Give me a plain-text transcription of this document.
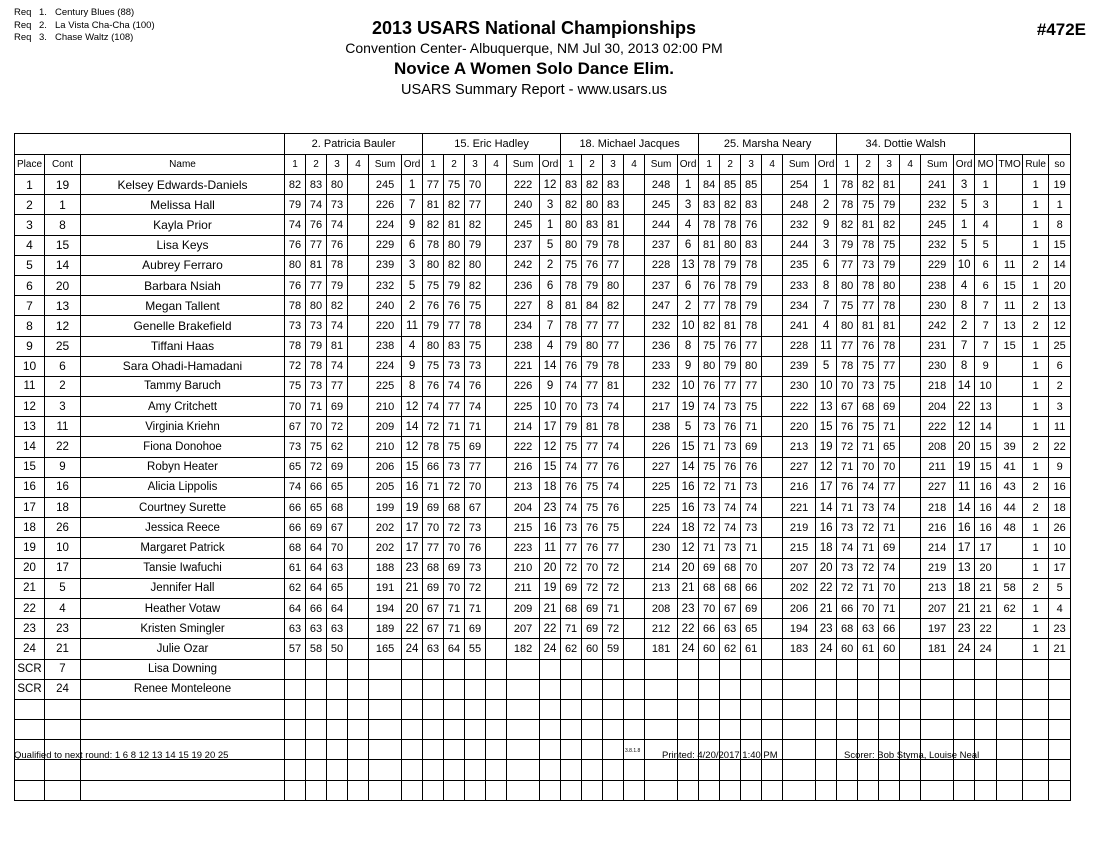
Req 1. Century Blues (88)
Req 2. La Vista Cha-Cha (100)
Req 3. Chase Waltz (108)	2013 USARS National Championships
Convention Center- Albuquerque, NM Jul 30, 2013 02:00 PM
Novice A Women Solo Dance Elim.
USARS Summary Report - www.usars.us
#472E
			2. Patricia Bauler						15. Eric Hadley						18. Michael Jacques						25. Marsha Neary						34. Dottie Walsh									
Place	Cont	Name	1	2	3	4	Sum	Ord	1	2	3	4	Sum	Ord	1	2	3	4	Sum	Ord	1	2	3	4	Sum	Ord	1	2	3	4	Sum	Ord	MO	TMO	Rule	so
1	19	Kelsey Edwards-Daniels	82	83	80		245	1	77	75	70		222	12	83	82	83		248	1	84	85	85		254	1	78	82	81		241	3	1		1	19
2	1	Melissa Hall	79	74	73		226	7	81	82	77		240	3	82	80	83		245	3	83	82	83		248	2	78	75	79		232	5	3		1	1
3	8	Kayla Prior	74	76	74		224	9	82	81	82		245	1	80	83	81		244	4	78	78	76		232	9	82	81	82		245	1	4		1	8
4	15	Lisa Keys	76	77	76		229	6	78	80	79		237	5	80	79	78		237	6	81	80	83		244	3	79	78	75		232	5	5		1	15
5	14	Aubrey Ferraro	80	81	78		239	3	80	82	80		242	2	75	76	77		228	13	78	79	78		235	6	77	73	79		229	10	6	11	2	14
6	20	Barbara Nsiah	76	77	79		232	5	75	79	82		236	6	78	79	80		237	6	76	78	79		233	8	80	78	80		238	4	6	15	1	20
7	13	Megan Tallent	78	80	82		240	2	76	76	75		227	8	81	84	82		247	2	77	78	79		234	7	75	77	78		230	8	7	11	2	13
8	12	Genelle Brakefield	73	73	74		220	11	79	77	78		234	7	78	77	77		232	10	82	81	78		241	4	80	81	81		242	2	7	13	2	12
9	25	Tiffani Haas	78	79	81		238	4	80	83	75		238	4	79	80	77		236	8	75	76	77		228	11	77	76	78		231	7	7	15	1	25
10	6	Sara Ohadi-Hamadani	72	78	74		224	9	75	73	73		221	14	76	79	78		233	9	80	79	80		239	5	78	75	77		230	8	9		1	6
11	2	Tammy Baruch	75	73	77		225	8	76	74	76		226	9	74	77	81		232	10	76	77	77		230	10	70	73	75		218	14	10		1	2
12	3	Amy Critchett	70	71	69		210	12	74	77	74		225	10	70	73	74		217	19	74	73	75		222	13	67	68	69		204	22	13		1	3
13	11	Virginia Kriehn	67	70	72		209	14	72	71	71		214	17	79	81	78		238	5	73	76	71		220	15	76	75	71		222	12	14		1	11
14	22	Fiona Donohoe	73	75	62		210	12	78	75	69		222	12	75	77	74		226	15	71	73	69		213	19	72	71	65		208	20	15	39	2	22
15	9	Robyn Heater	65	72	69		206	15	66	73	77		216	15	74	77	76		227	14	75	76	76		227	12	71	70	70		211	19	15	41	1	9
16	16	Alicia Lippolis	74	66	65		205	16	71	72	70		213	18	76	75	74		225	16	72	71	73		216	17	76	74	77		227	11	16	43	2	16
17	18	Courtney Surette	66	65	68		199	19	69	68	67		204	23	74	75	76		225	16	73	74	74		221	14	71	73	74		218	14	16	44	2	18
18	26	Jessica Reece	66	69	67		202	17	70	72	73		215	16	73	76	75		224	18	72	74	73		219	16	73	72	71		216	16	16	48	1	26
19	10	Margaret Patrick	68	64	70		202	17	77	70	76		223	11	77	76	77		230	12	71	73	71		215	18	74	71	69		214	17	17		1	10
20	17	Tansie Iwafuchi	61	64	63		188	23	68	69	73		210	20	72	70	72		214	20	69	68	70		207	20	73	72	74		219	13	20		1	17
21	5	Jennifer Hall	62	64	65		191	21	69	70	72		211	19	69	72	72		213	21	68	68	66		202	22	72	71	70		213	18	21	58	2	5
22	4	Heather Votaw	64	66	64		194	20	67	71	71		209	21	68	69	71		208	23	70	67	69		206	21	66	70	71		207	21	21	62	1	4
23	23	Kristen Smingler	63	63	63		189	22	67	71	69		207	22	71	69	72		212	22	66	63	65		194	23	68	63	66		197	23	22		1	23
24	21	Julie Ozar	57	58	50		165	24	63	64	55		182	24	62	60	59		181	24	60	62	61		183	24	60	61	60		181	24	24		1	21
SCR	7	Lisa Downing																																		
SCR	24	Renee Monteleone																																		

Qualified to next round: 1 6 8 12 13 14 15 19 20 25	3.8.1.8 Printed: 4/20/2017 1:40 PM	Scorer: Bob Styma, Louise Neal
